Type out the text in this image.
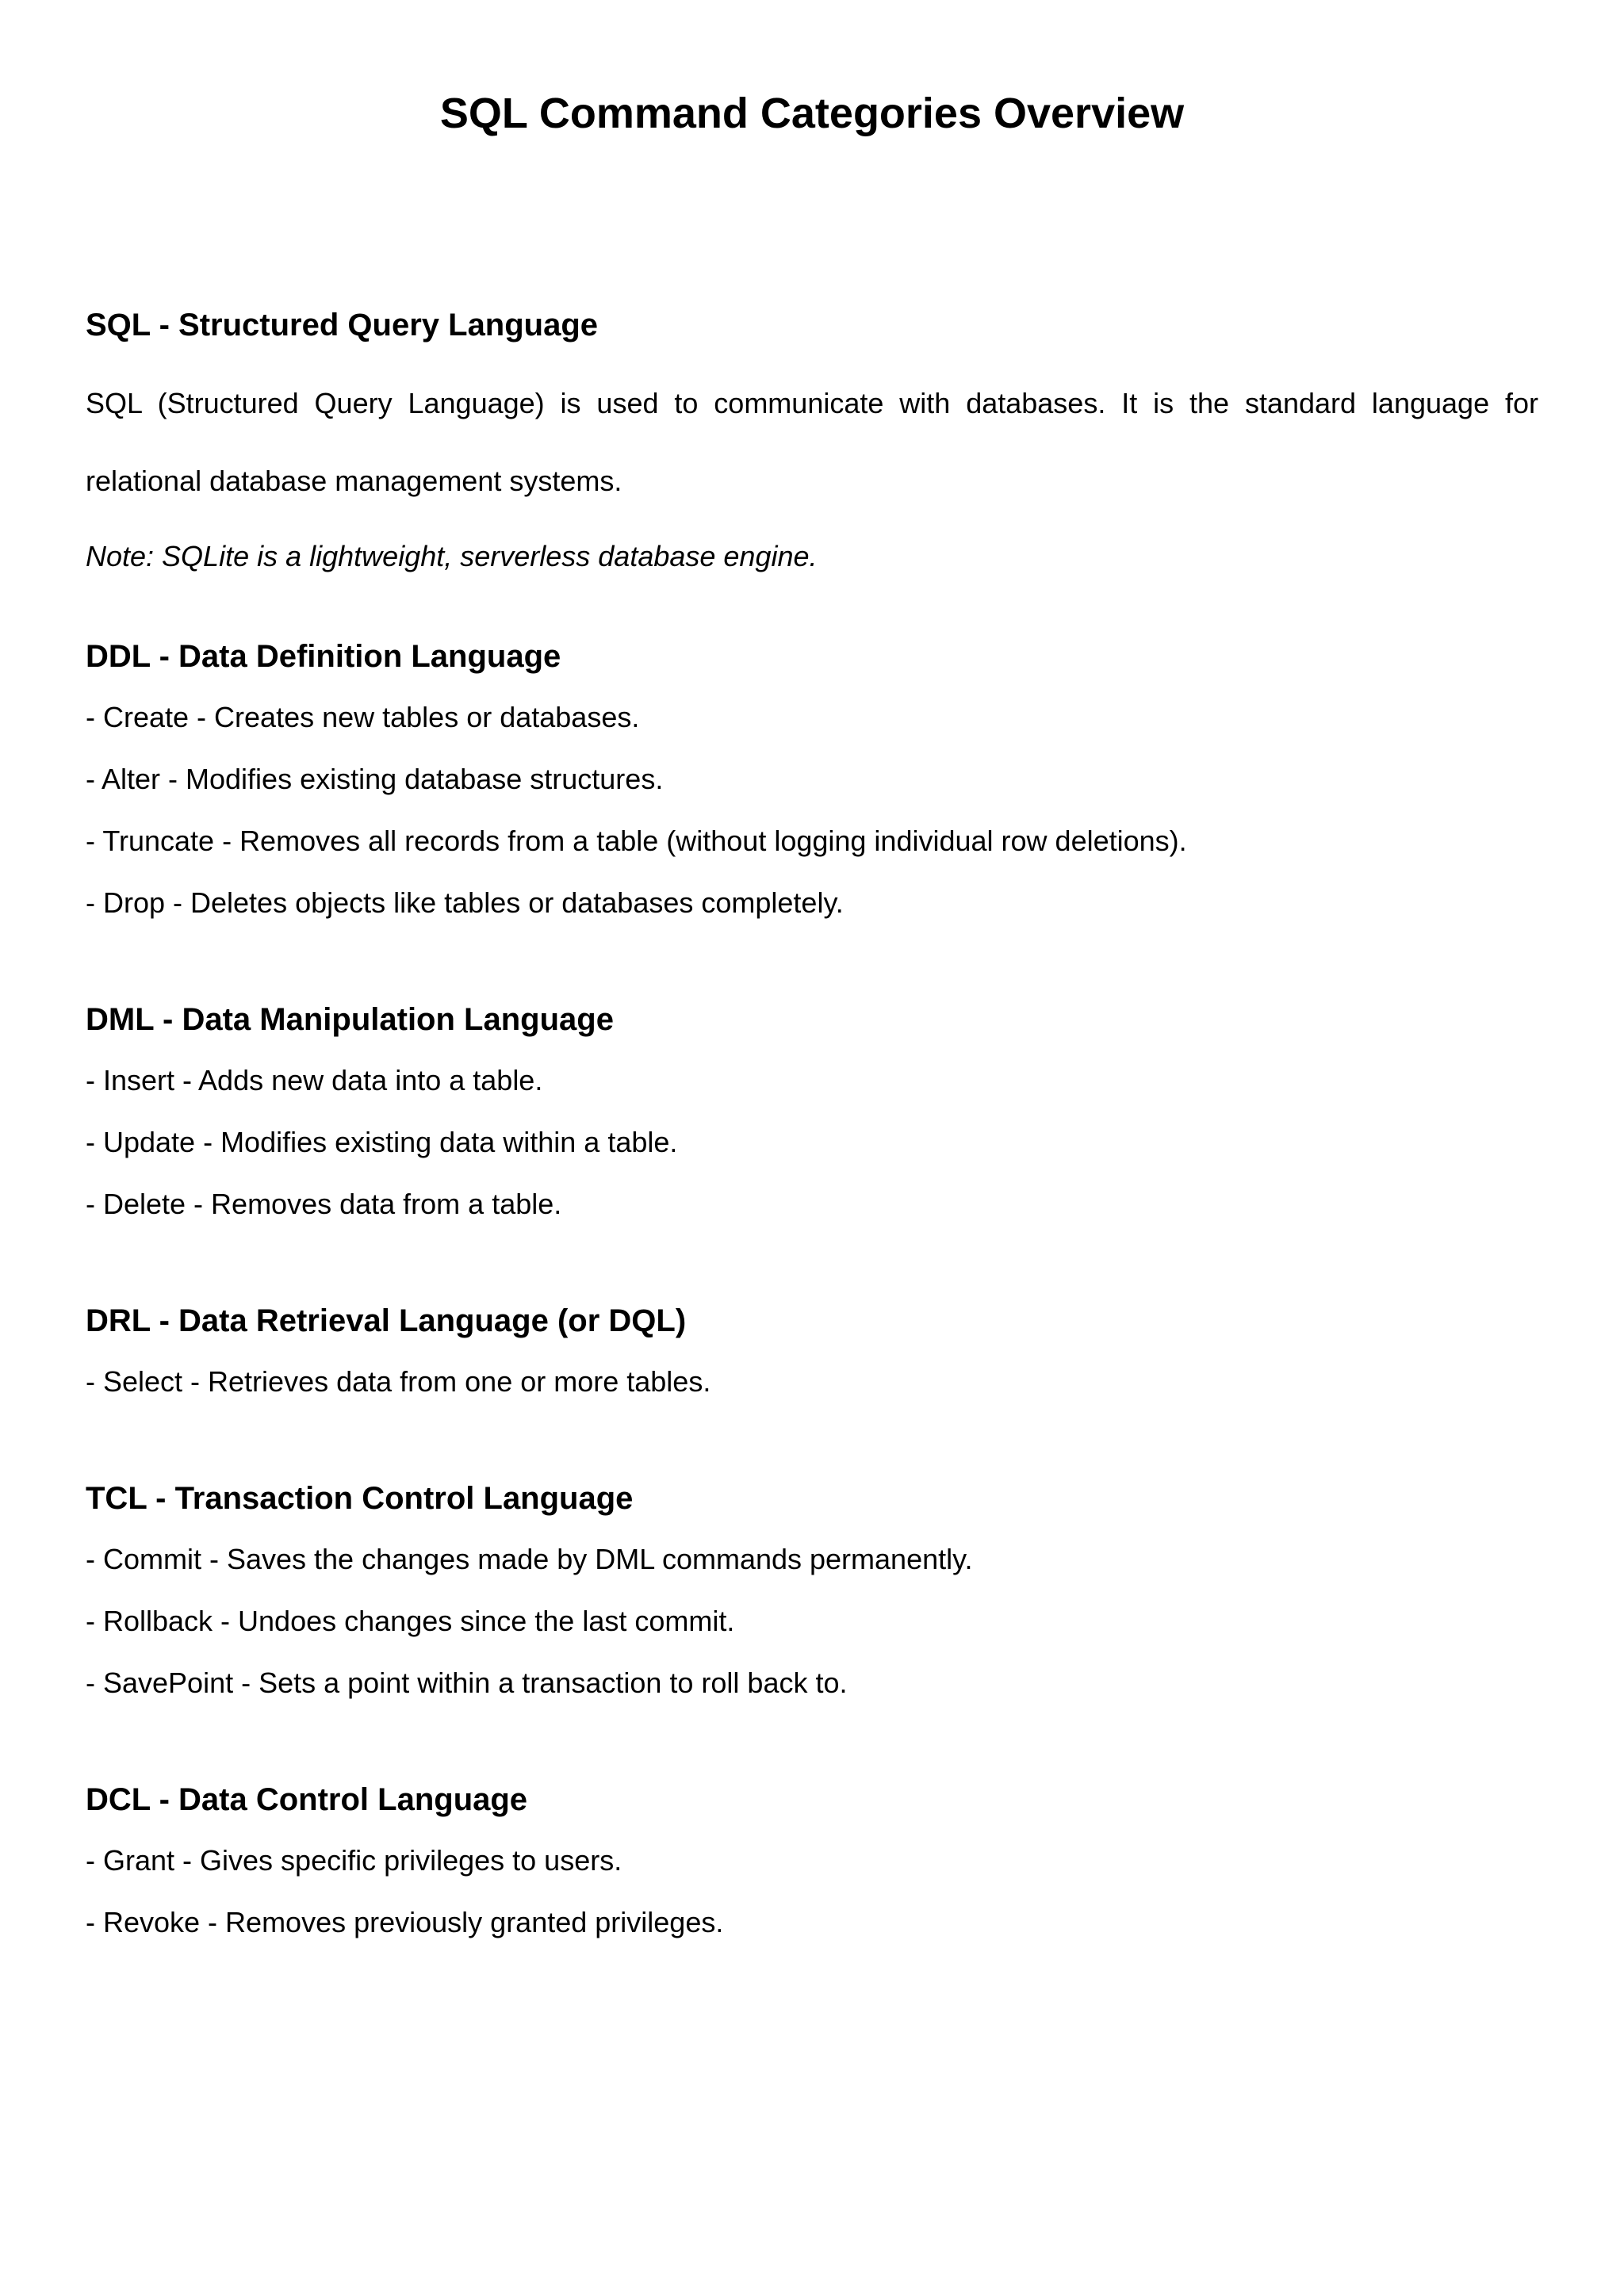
SQL Command Categories Overview
SQL - Structured Query Language

SQL (Structured Query Language) is used to communicate with databases. It is the standard language for relational database management systems.

Note: SQLite is a lightweight, serverless database engine.

DDL - Data Definition Language

- Create - Creates new tables or databases.

- Alter - Modifies existing database structures.

- Truncate - Removes all records from a table (without logging individual row deletions).

- Drop - Deletes objects like tables or databases completely.

DML - Data Manipulation Language

- Insert - Adds new data into a table.

- Update - Modifies existing data within a table.

- Delete - Removes data from a table.

DRL - Data Retrieval Language (or DQL)

- Select - Retrieves data from one or more tables.

TCL - Transaction Control Language

- Commit - Saves the changes made by DML commands permanently.

- Rollback - Undoes changes since the last commit.

- SavePoint - Sets a point within a transaction to roll back to.

DCL - Data Control Language

- Grant - Gives specific privileges to users.

- Revoke - Removes previously granted privileges.
